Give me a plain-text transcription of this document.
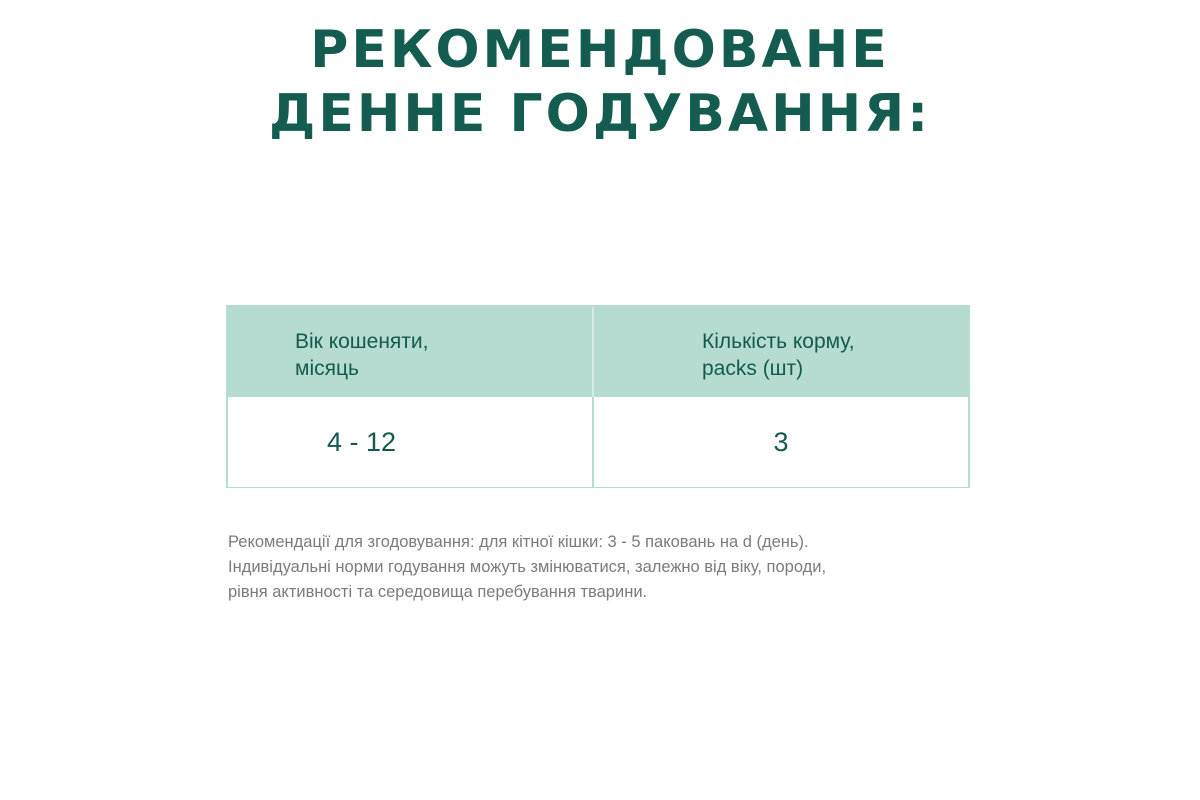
РЕКОМЕНДОВАНЕ
ДЕННЕ ГОДУВАННЯ:
Вік кошеняти,
місяць
Кількість корму,
packs (шт)
4 - 12	3

Рекомендації для згодовування: для кітної кішки: 3 - 5 паковань на d (день).
Індивідуальні норми годування можуть змінюватися, залежно від віку, породи,
рівня активності та середовища перебування тварини.
